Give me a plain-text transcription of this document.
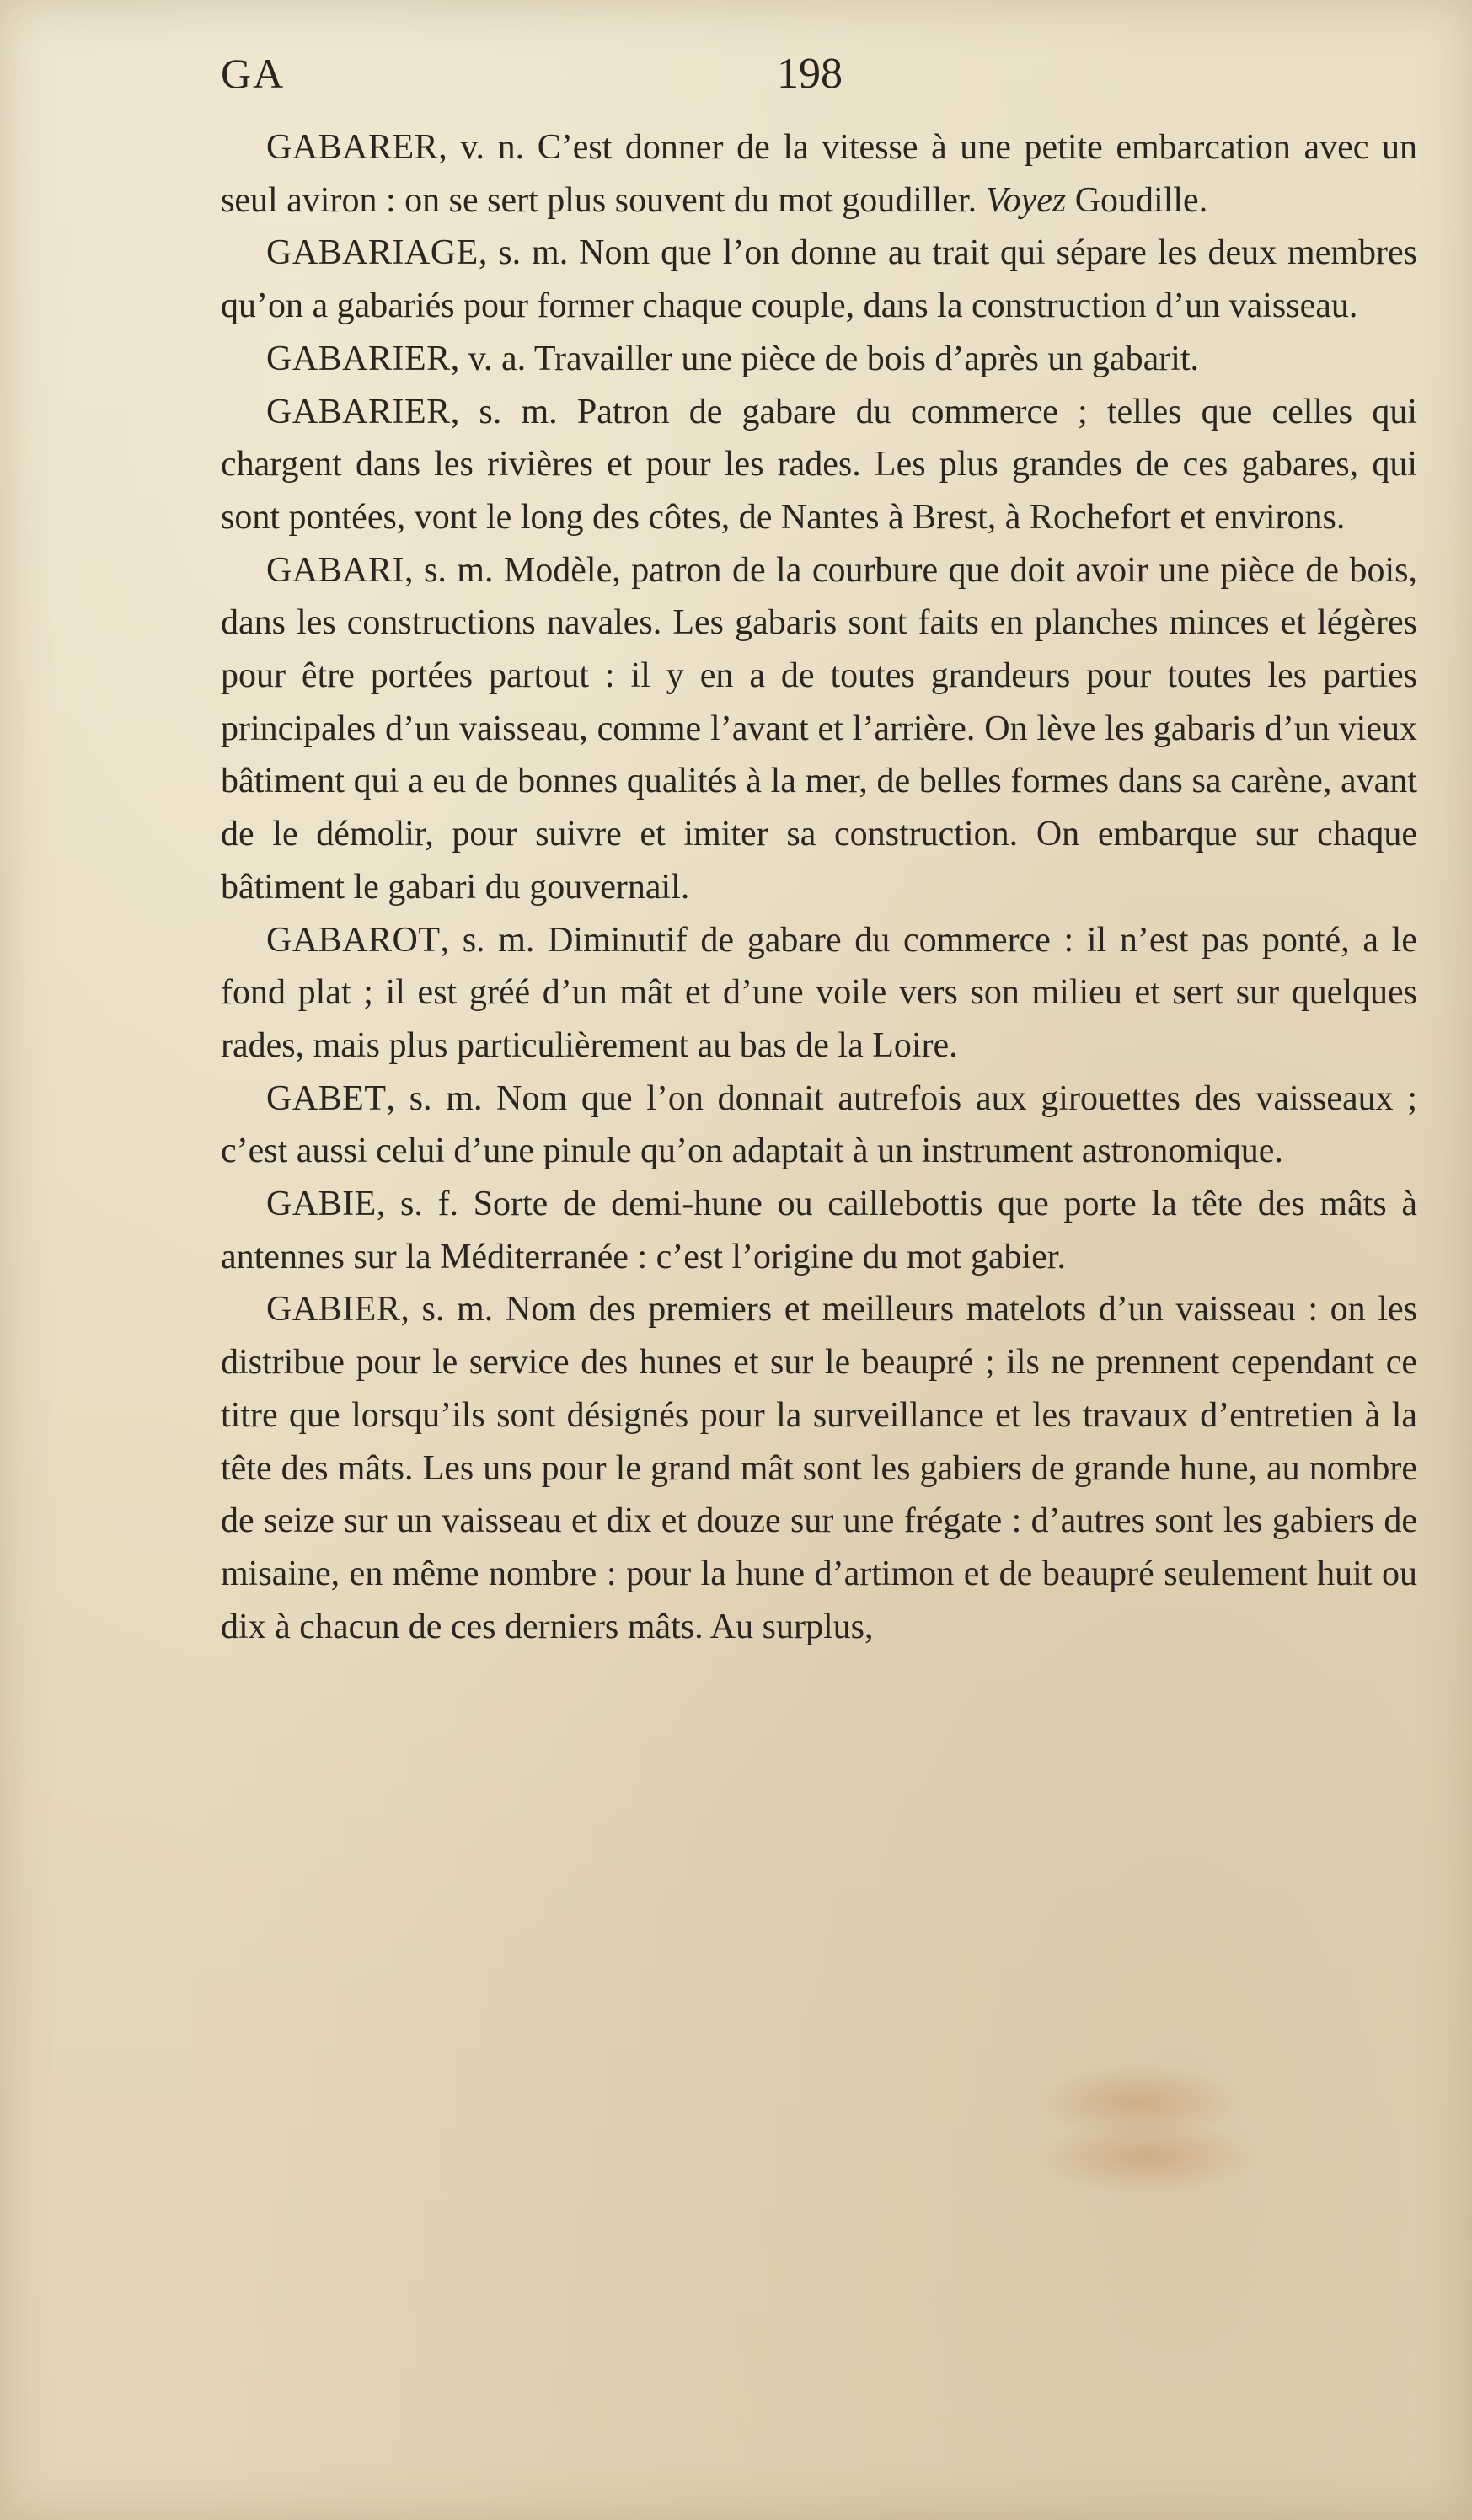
GA	198

GABARER, v. n. C’est donner de la vitesse à une petite embarcation avec un seul aviron : on se sert plus souvent du mot goudiller. Voyez Goudille.

GABARIAGE, s. m. Nom que l’on donne au trait qui sépare les deux membres qu’on a gabariés pour former chaque couple, dans la construction d’un vaisseau.

GABARIER, v. a. Travailler une pièce de bois d’après un gabarit.

GABARIER, s. m. Patron de gabare du commerce ; telles que celles qui chargent dans les rivières et pour les rades. Les plus grandes de ces gabares, qui sont pontées, vont le long des côtes, de Nantes à Brest, à Rochefort et environs.

GABARI, s. m. Modèle, patron de la courbure que doit avoir une pièce de bois, dans les constructions navales. Les gabaris sont faits en planches minces et légères pour être portées partout : il y en a de toutes grandeurs pour toutes les parties principales d’un vaisseau, comme l’avant et l’arrière. On lève les gabaris d’un vieux bâtiment qui a eu de bonnes qualités à la mer, de belles formes dans sa carène, avant de le démolir, pour suivre et imiter sa construction. On embarque sur chaque bâtiment le gabari du gouvernail.

GABAROT, s. m. Diminutif de gabare du commerce : il n’est pas ponté, a le fond plat ; il est gréé d’un mât et d’une voile vers son milieu et sert sur quelques rades, mais plus particulièrement au bas de la Loire.

GABET, s. m. Nom que l’on donnait autrefois aux girouettes des vaisseaux ; c’est aussi celui d’une pinule qu’on adaptait à un instrument astronomique.

GABIE, s. f. Sorte de demi-hune ou caillebottis que porte la tête des mâts à antennes sur la Méditerranée : c’est l’origine du mot gabier.

GABIER, s. m. Nom des premiers et meilleurs matelots d’un vaisseau : on les distribue pour le service des hunes et sur le beaupré ; ils ne prennent cependant ce titre que lorsqu’ils sont désignés pour la surveillance et les travaux d’entretien à la tête des mâts. Les uns pour le grand mât sont les gabiers de grande hune, au nombre de seize sur un vaisseau et dix et douze sur une frégate : d’autres sont les gabiers de misaine, en même nombre : pour la hune d’artimon et de beaupré seulement huit ou dix à chacun de ces derniers mâts. Au surplus,
